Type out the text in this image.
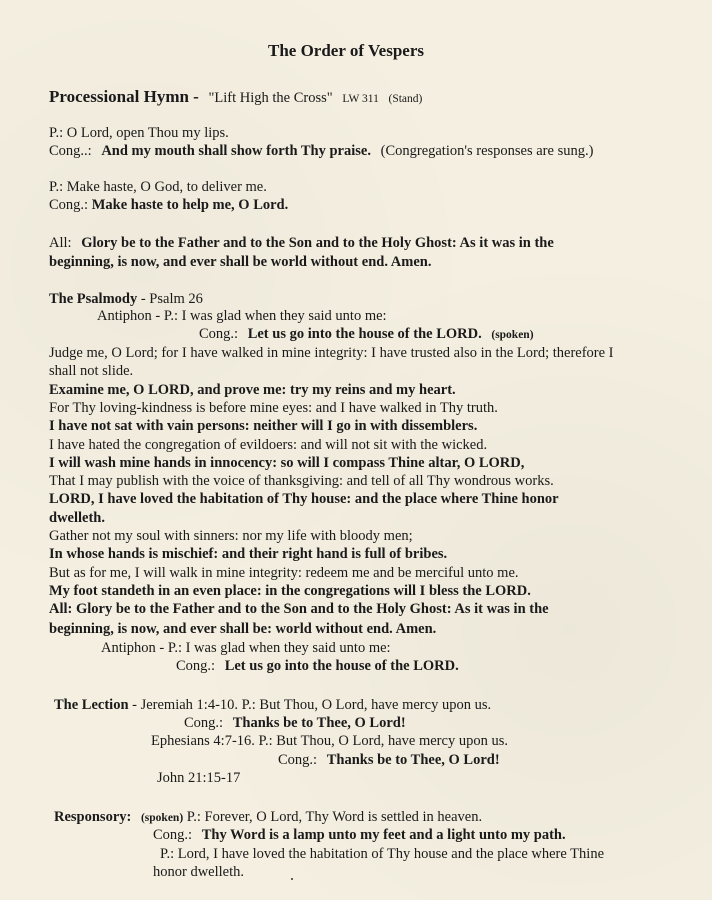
The Order of Vespers
Processional Hymn - "Lift High the Cross" LW 311 (Stand)
P.: O Lord, open Thou my lips.
Cong..: And my mouth shall show forth Thy praise. (Congregation's responses are sung.)
P.: Make haste, O God, to deliver me.
Cong.: Make haste to help me, O Lord.
All: Glory be to the Father and to the Son and to the Holy Ghost: As it was in the
beginning, is now, and ever shall be world without end. Amen.
The Psalmody - Psalm 26
Antiphon - P.: I was glad when they said unto me:
Cong.: Let us go into the house of the LORD. (spoken)
Judge me, O Lord; for I have walked in mine integrity: I have trusted also in the Lord; therefore I
shall not slide.
Examine me, O LORD, and prove me: try my reins and my heart.
For Thy loving-kindness is before mine eyes: and I have walked in Thy truth.
I have not sat with vain persons: neither will I go in with dissemblers.
I have hated the congregation of evildoers: and will not sit with the wicked.
I will wash mine hands in innocency: so will I compass Thine altar, O LORD,
That I may publish with the voice of thanksgiving: and tell of all Thy wondrous works.
LORD, I have loved the habitation of Thy house: and the place where Thine honor
dwelleth.
Gather not my soul with sinners: nor my life with bloody men;
In whose hands is mischief: and their right hand is full of bribes.
But as for me, I will walk in mine integrity: redeem me and be merciful unto me.
My foot standeth in an even place: in the congregations will I bless the LORD.
All: Glory be to the Father and to the Son and to the Holy Ghost: As it was in the
beginning, is now, and ever shall be: world without end. Amen.
Antiphon - P.: I was glad when they said unto me:
Cong.: Let us go into the house of the LORD.
The Lection - Jeremiah 1:4-10. P.: But Thou, O Lord, have mercy upon us.
Cong.: Thanks be to Thee, O Lord!
Ephesians 4:7-16. P.: But Thou, O Lord, have mercy upon us.
Cong.: Thanks be to Thee, O Lord!
John 21:15-17
Responsory: (spoken) P.: Forever, O Lord, Thy Word is settled in heaven.
Cong.: Thy Word is a lamp unto my feet and a light unto my path.
P.: Lord, I have loved the habitation of Thy house and the place where Thine
honor dwelleth.
